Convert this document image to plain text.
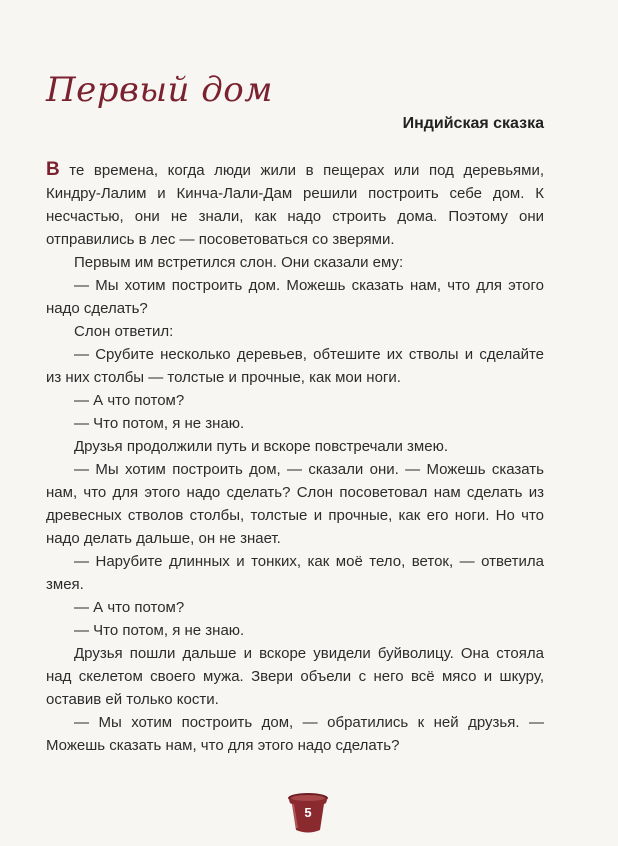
Первый дом
Индийская сказка

В те времена, когда люди жили в пещерах или под деревьями, Киндру-Лалим и Кинча-Лали-Дам решили построить себе дом. К несчастью, они не знали, как надо строить дома. Поэтому они отправились в лес — посоветоваться со зверями.

Первым им встретился слон. Они сказали ему:

— Мы хотим построить дом. Можешь сказать нам, что для этого надо сделать?

Слон ответил:

— Срубите несколько деревьев, обтешите их стволы и сделайте из них столбы — толстые и прочные, как мои ноги.

— А что потом?

— Что потом, я не знаю.

Друзья продолжили путь и вскоре повстречали змею.

— Мы хотим построить дом, — сказали они. — Можешь сказать нам, что для этого надо сделать? Слон посоветовал нам сделать из древесных стволов столбы, толстые и прочные, как его ноги. Но что надо делать дальше, он не знает.

— Нарубите длинных и тонких, как моё тело, веток, — ответила змея.

— А что потом?

— Что потом, я не знаю.

Друзья пошли дальше и вскоре увидели буйволицу. Она стояла над скелетом своего мужа. Звери объели с него всё мясо и шкуру, оставив ей только кости.

— Мы хотим построить дом, — обратились к ней друзья. — Можешь сказать нам, что для этого надо сделать?

5
